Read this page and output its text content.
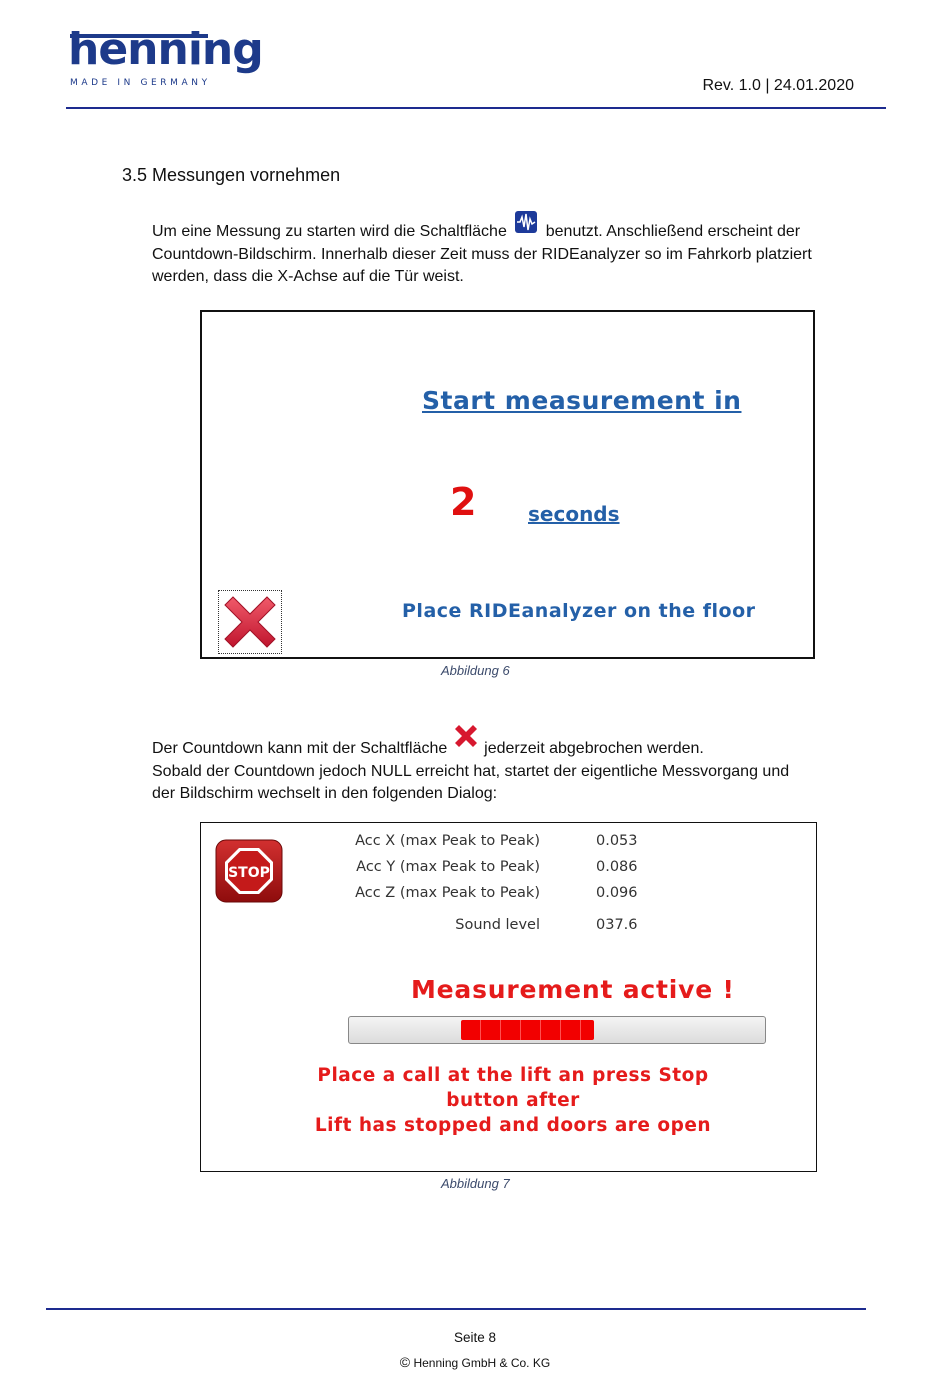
henning
MADE IN GERMANY	Rev. 1.0 | 24.01.2020
3.5 Messungen vornehmen
Um eine Messung zu starten wird die Schaltfläche benutzt. Anschließend erscheint der
Countdown-Bildschirm. Innerhalb dieser Zeit muss der RIDEanalyzer so im Fahrkorb platziert
werden, dass die X-Achse auf die Tür weist.
Start measurement in
2	seconds
Place RIDEanalyzer on the floor
Abbildung 6
Der Countdown kann mit der Schaltfläche jederzeit abgebrochen werden.
Sobald der Countdown jedoch NULL erreicht hat, startet der eigentliche Messvorgang und
der Bildschirm wechselt in den folgenden Dialog:
STOP
Acc X (max Peak to Peak)	0.053
Acc Y (max Peak to Peak)	0.086
Acc Z (max Peak to Peak)	0.096
Sound level	037.6
Measurement active !
Place a call at the lift an press Stop button after
Lift has stopped and doors are open
Abbildung 7
Seite 8
© Henning GmbH & Co. KG
